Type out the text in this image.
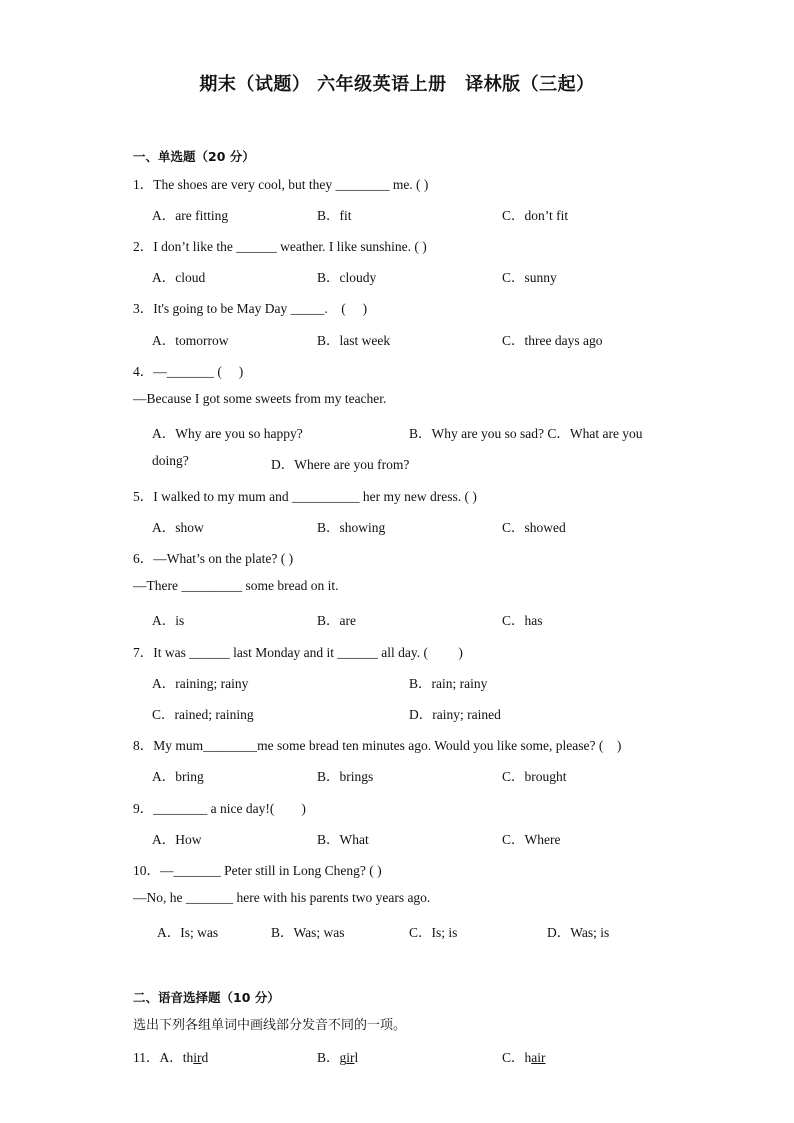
期末（试题） 六年级英语上册　译林版（三起）
一、单选题（20 分）
1．The shoes are very cool, but they ________ me. ( )
A．are fitting	B．fit	C．don’t fit
2．I don’t like the ______ weather. I like sunshine. ( )
A．cloud	B．cloudy	C．sunny
3．It's going to be May Day _____.　(　 )
A．tomorrow	B．last week	C．three days ago
4．—_______ (　 )
—Because I got some sweets from my teacher.
A．Why are you so happy?	B．Why are you so sad? C．What are you
doing?	D．Where are you from?
5．I walked to my mum and __________ her my new dress. ( )
A．show	B．showing	C．showed
6．—What’s on the plate? ( )
—There _________ some bread on it.
A．is	B．are	C．has
7．It was ______ last Monday and it ______ all day. (　　 )
A．raining; rainy	B．rain; rainy
C．rained; raining	D．rainy; rained
8．My mum________me some bread ten minutes ago. Would you like some, please? (　)
A．bring	B．brings	C．brought
9．________ a nice day!(　　)
A．How	B．What	C．Where
10．—_______ Peter still in Long Cheng? ( )
—No, he _______ here with his parents two years ago.
A．Is; was	B．Was; was	C．Is; is	D．Was; is
二、语音选择题（10 分）
选出下列各组单词中画线部分发音不同的一项。
11．A．third	B．girl	C．hair
